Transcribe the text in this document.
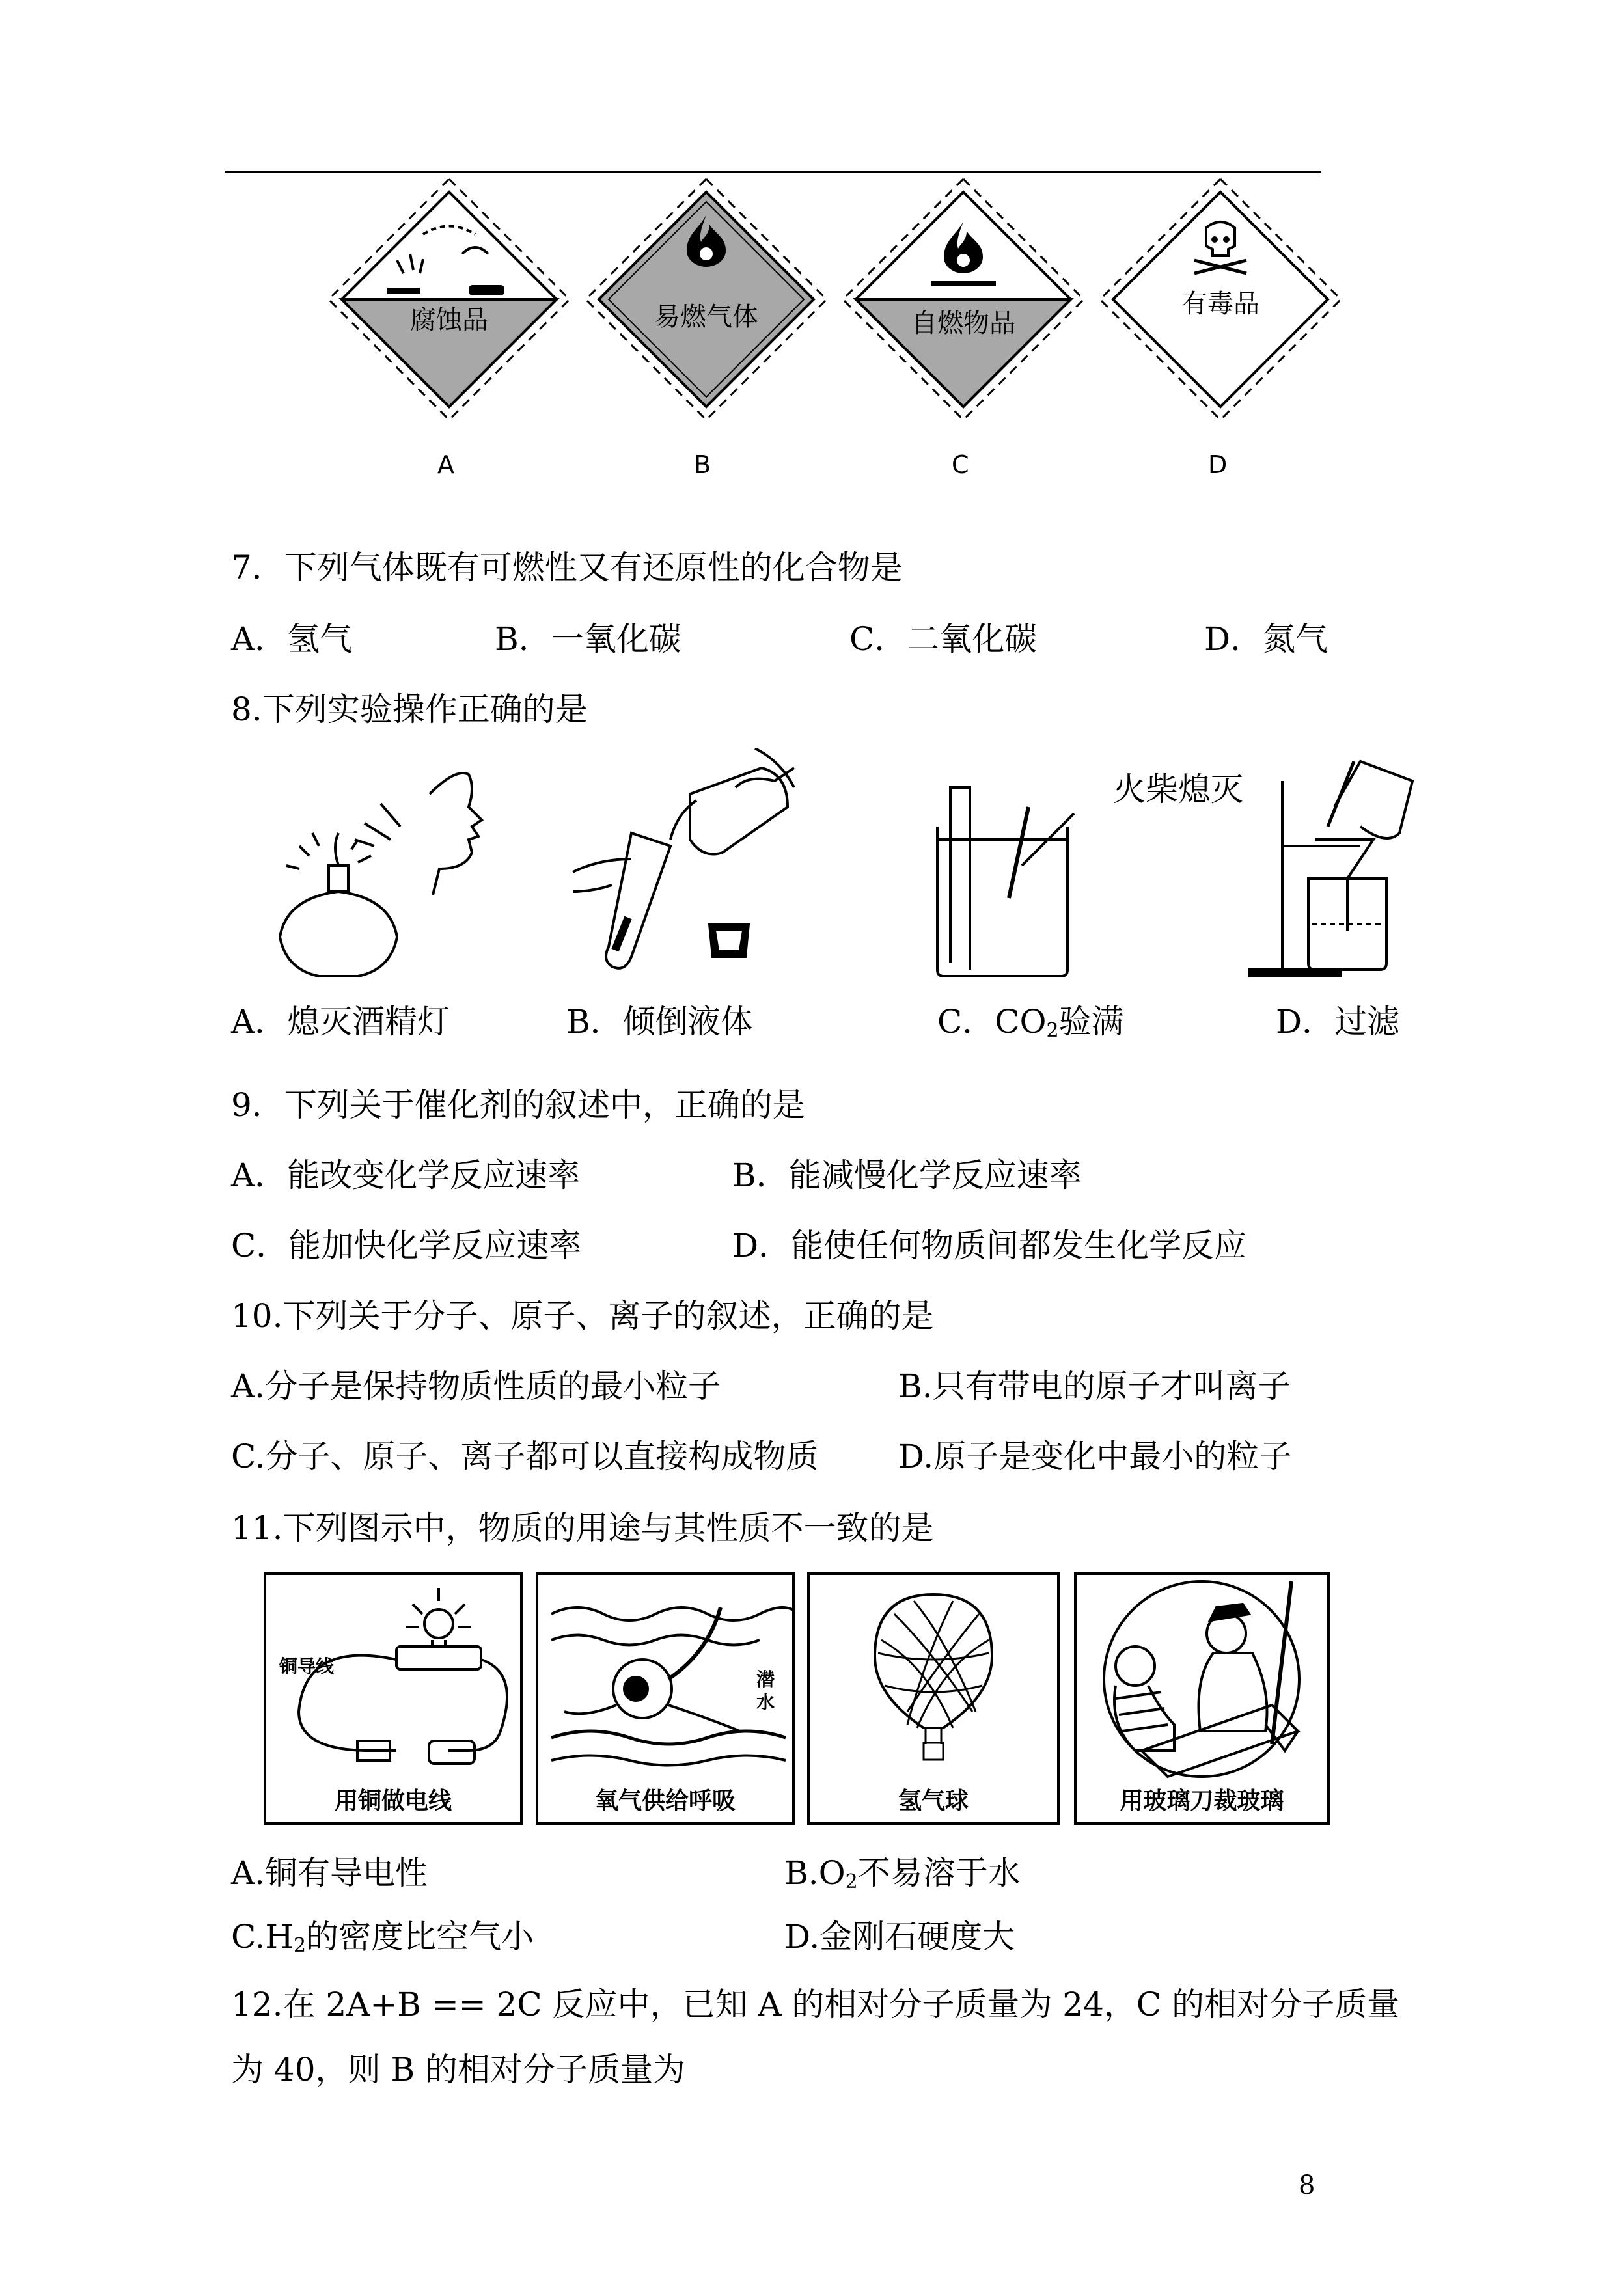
腐蚀品	易燃气体	自燃物品
有毒品
A	B	C	D
7．下列气体既有可燃性又有还原性的化合物是
A．氢气	B．一氧化碳	C．二氧化碳	D．氮气
8.下列实验操作正确的是
火柴熄灭
A．熄灭酒精灯	B．倾倒液体	C．$CO_2$验满	D．过滤
9．下列关于催化剂的叙述中，正确的是
A．能改变化学反应速率	B．能减慢化学反应速率
C．能加快化学反应速率	D．能使任何物质间都发生化学反应
10.下列关于分子、原子、离子的叙述，正确的是
A.分子是保持物质性质的最小粒子	B.只有带电的原子才叫离子
C.分子、原子、离子都可以直接构成物质 D.原子是变化中最小的粒子
11.下列图示中，物质的用途与其性质不一致的是
铜导线
用铜做电线
潜
水
氧气供给呼吸	氢气球	用玻璃刀裁玻璃
A.铜有导电性	$B.O_2$不易溶于水
$C.H_2$的密度比空气小	D.金刚石硬度大
12.在 2A+B == 2C 反应中，已知 A 的相对分子质量为 24，C 的相对分子质量
为 40，则 B 的相对分子质量为
8
